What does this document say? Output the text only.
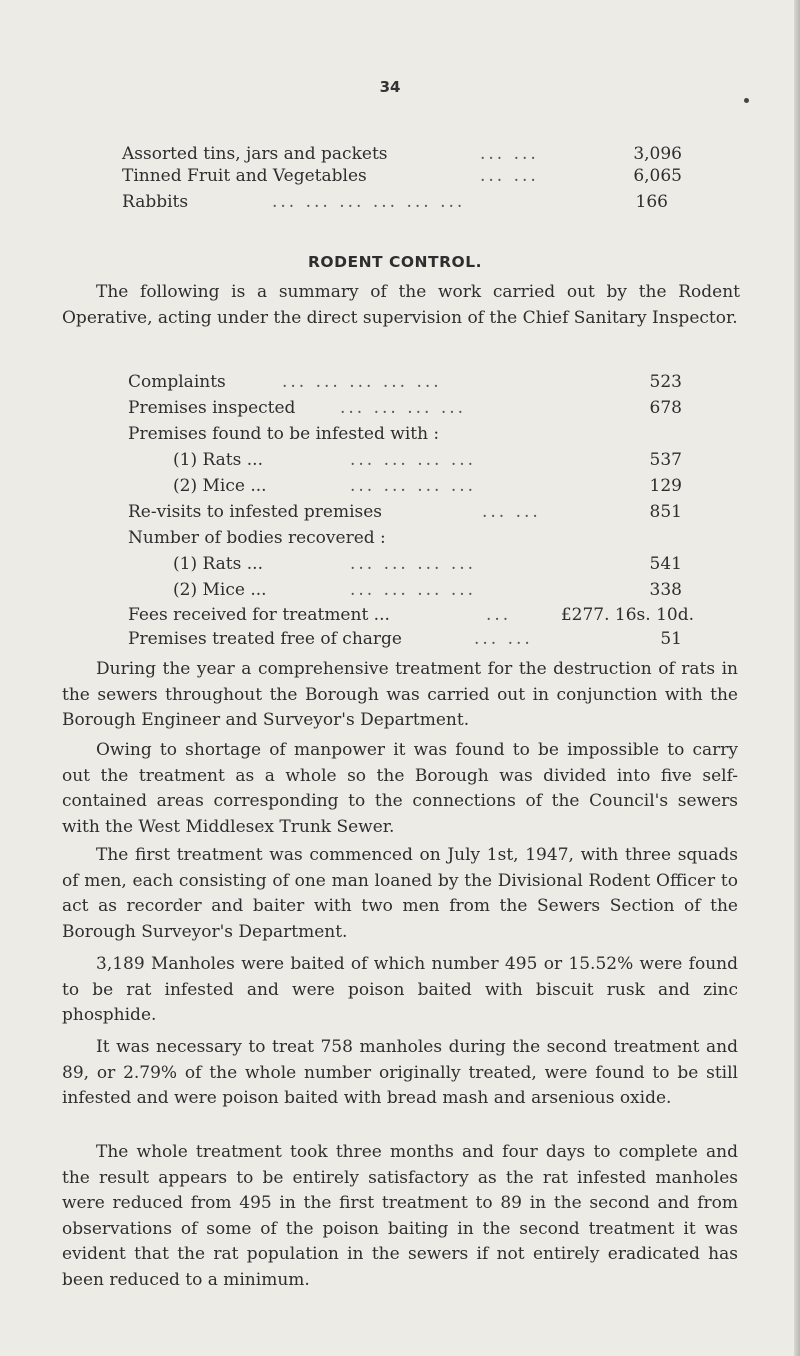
34
Assorted tins, jars and packets	... ...	3,096
Tinned Fruit and Vegetables	... ...	6,065
Rabbits	... ... ... ... ... ...	166
RODENT CONTROL.

The following is a summary of the work carried out by the Rodent Operative, acting under the direct supervision of the Chief Sanitary Inspector.

Complaints	... ... ... ... ...	523
Premises inspected	... ... ... ...	678
Premises found to be infested with :
(1) Rats ...	... ... ... ...	537
(2) Mice ...	... ... ... ...	129
Re-visits to infested premises	... ...	851
Number of bodies recovered :
(1) Rats ...	... ... ... ...	541
(2) Mice ...	... ... ... ...	338
Fees received for treatment ...	...	£277. 16s. 10d.
Premises treated free of charge	... ...	51

During the year a comprehensive treatment for the destruction of rats in the sewers throughout the Borough was carried out in conjunction with the Borough Engineer and Surveyor's Department.

Owing to shortage of manpower it was found to be impossible to carry out the treatment as a whole so the Borough was divided into five self-contained areas corresponding to the connections of the Council's sewers with the West Middlesex Trunk Sewer.

The first treatment was commenced on July 1st, 1947, with three squads of men, each consisting of one man loaned by the Divisional Rodent Officer to act as recorder and baiter with two men from the Sewers Section of the Borough Surveyor's Department.

3,189 Manholes were baited of which number 495 or 15.52% were found to be rat infested and were poison baited with biscuit rusk and zinc phosphide.

It was necessary to treat 758 manholes during the second treatment and 89, or 2.79% of the whole number originally treated, were found to be still infested and were poison baited with bread mash and arsenious oxide.

The whole treatment took three months and four days to complete and the result appears to be entirely satisfactory as the rat infested manholes were reduced from 495 in the first treatment to 89 in the second and from observations of some of the poison baiting in the second treatment it was evident that the rat population in the sewers if not entirely eradicated has been reduced to a minimum.
